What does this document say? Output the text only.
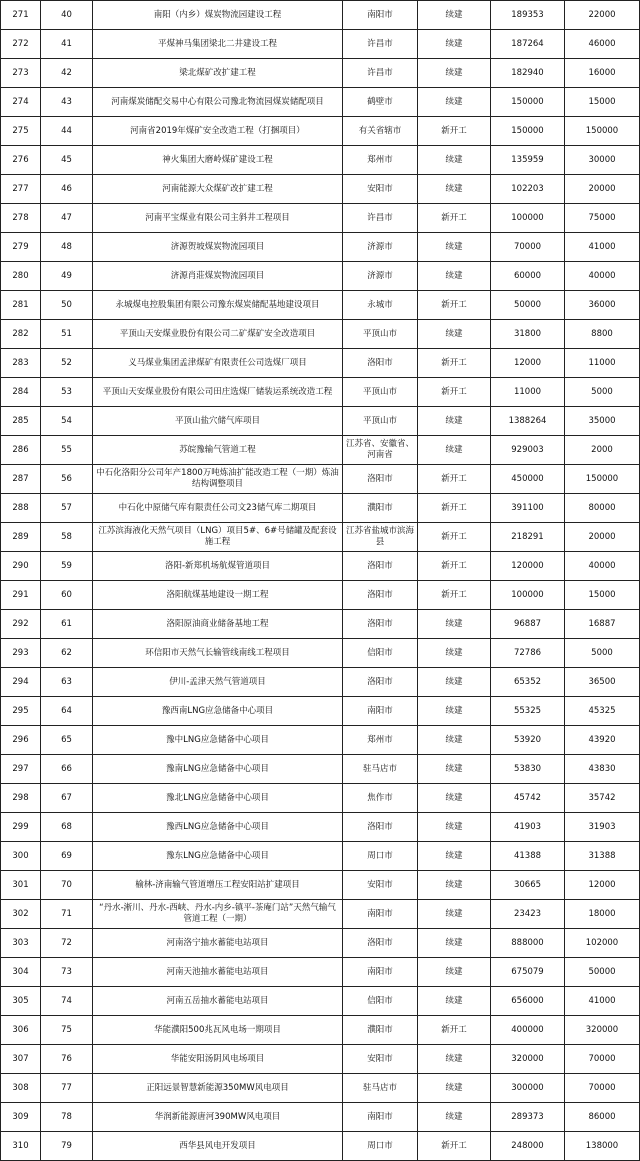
271	40	南阳（内乡）煤炭物流园建设工程	南阳市	续建	189353	22000
272	41	平煤神马集团梁北二井建设工程	许昌市	续建	187264	46000
273	42	梁北煤矿改扩建工程	许昌市	续建	182940	16000
274	43	河南煤炭储配交易中心有限公司豫北物流园煤炭储配项目	鹤壁市	续建	150000	15000
275	44	河南省2019年煤矿安全改造工程（打捆项目）	有关省辖市	新开工	150000	150000
276	45	神火集团大磨岭煤矿建设工程	郑州市	续建	135959	30000
277	46	河南能源大众煤矿改扩建工程	安阳市	续建	102203	20000
278	47	河南平宝煤业有限公司主斜井工程项目	许昌市	新开工	100000	75000
279	48	济源贺坡煤炭物流园项目	济源市	续建	70000	41000
280	49	济源肖莊煤炭物流园项目	济源市	续建	60000	40000
281	50	永城煤电控股集团有限公司豫东煤炭储配基地建设项目	永城市	新开工	50000	36000
282	51	平顶山天安煤业股份有限公司二矿煤矿安全改造项目	平顶山市	续建	31800	8800
283	52	义马煤业集团孟津煤矿有限责任公司选煤厂项目	洛阳市	新开工	12000	11000
284	53	平顶山天安煤业股份有限公司田庄选煤厂储装运系统改造工程	平顶山市	新开工	11000	5000
285	54	平顶山盐穴储气库项目	平顶山市	续建	1388264	35000
286	55	苏皖豫输气管道工程	江苏省、安徽省、河南省	续建	929003	2000
287	56	中石化洛阳分公司年产1800万吨炼油扩能改造工程（一期）炼油结构调整项目	洛阳市	新开工	450000	150000
288	57	中石化中原储气库有限责任公司文23储气库二期项目	濮阳市	新开工	391100	80000
289	58	江苏滨海液化天然气项目（LNG）项目5#、6#号储罐及配套设施工程	江苏省盐城市滨海县	新开工	218291	20000
290	59	洛阳-新郑机场航煤管道项目	洛阳市	新开工	120000	40000
291	60	洛阳航煤基地建设一期工程	洛阳市	新开工	100000	15000
292	61	洛阳原油商业储备基地工程	洛阳市	续建	96887	16887
293	62	环信阳市天然气长输管线南线工程项目	信阳市	续建	72786	5000
294	63	伊川-孟津天然气管道项目	洛阳市	续建	65352	36500
295	64	豫西南LNG应急储备中心项目	南阳市	续建	55325	45325
296	65	豫中LNG应急储备中心项目	郑州市	续建	53920	43920
297	66	豫南LNG应急储备中心项目	驻马店市	续建	53830	43830
298	67	豫北LNG应急储备中心项目	焦作市	续建	45742	35742
299	68	豫西LNG应急储备中心项目	洛阳市	续建	41903	31903
300	69	豫东LNG应急储备中心项目	周口市	续建	41388	31388
301	70	榆林-济南输气管道增压工程安阳站扩建项目	安阳市	续建	30665	12000
302	71	“丹水-淅川、丹水-西峡、丹水-内乡-镇平-茶庵门站”天然气输气管道工程（一期）	南阳市	续建	23423	18000
303	72	河南洛宁抽水蓄能电站项目	洛阳市	续建	888000	102000
304	73	河南天池抽水蓄能电站项目	南阳市	续建	675079	50000
305	74	河南五岳抽水蓄能电站项目	信阳市	续建	656000	41000
306	75	华能濮阳500兆瓦风电场一期项目	濮阳市	新开工	400000	320000
307	76	华能安阳汤阴风电场项目	安阳市	续建	320000	70000
308	77	正阳远景智慧新能源350MW风电项目	驻马店市	续建	300000	70000
309	78	华润新能源唐河390MW风电项目	南阳市	续建	289373	86000
310	79	西华县风电开发项目	周口市	新开工	248000	138000
